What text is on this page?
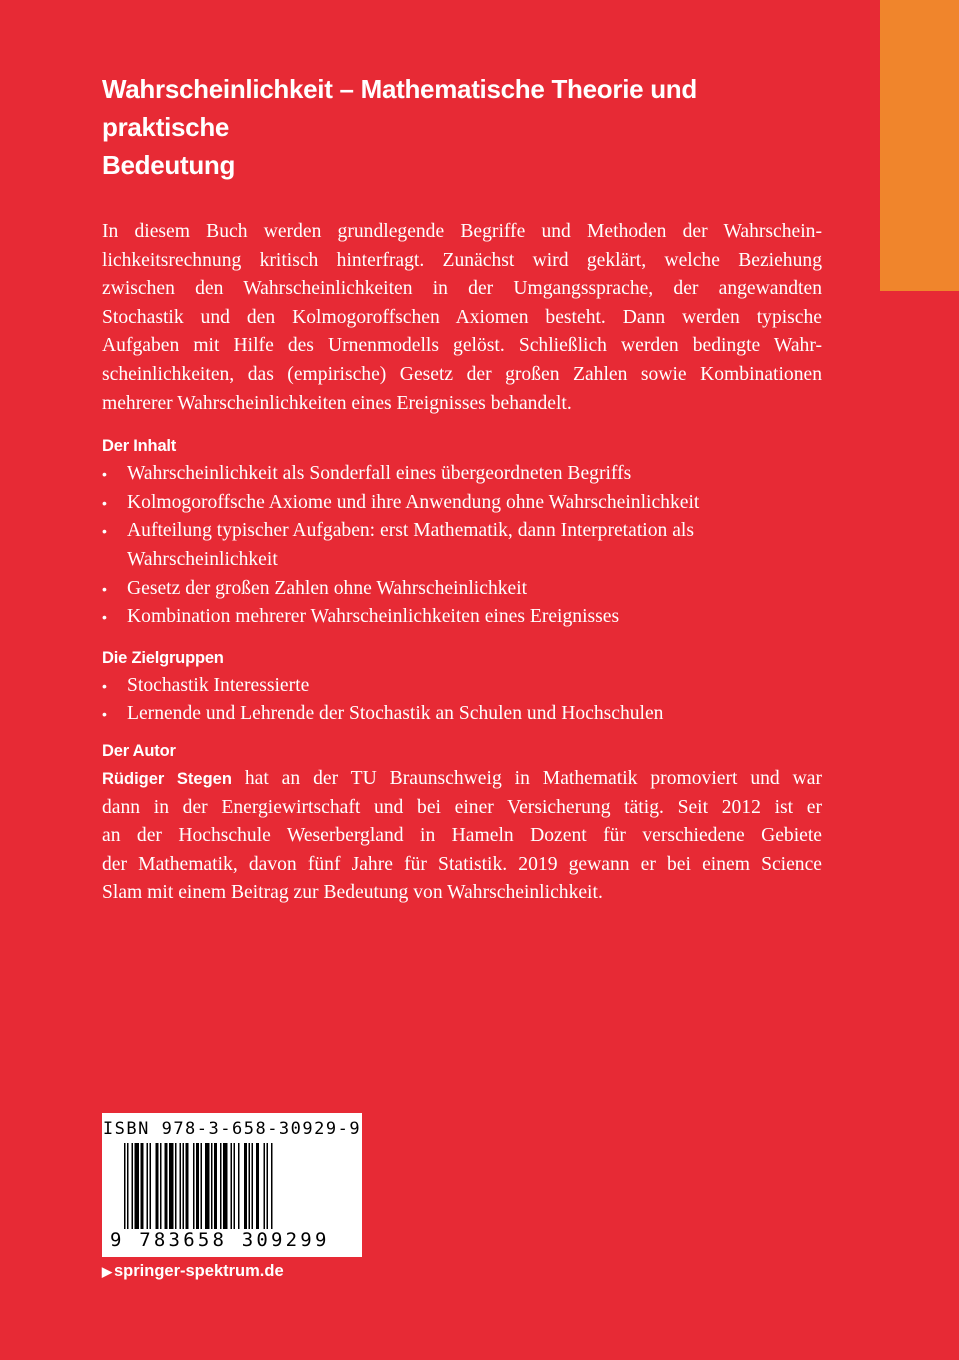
Wahrscheinlichkeit – Mathematische Theorie und praktische
Bedeutung

In diesem Buch werden grundlegende Begriffe und Methoden der Wahrschein-
lichkeitsrechnung kritisch hinterfragt. Zunächst wird geklärt, welche Beziehung
zwischen den Wahrscheinlichkeiten in der Umgangssprache, der angewandten
Stochastik und den Kolmogoroffschen Axiomen besteht. Dann werden typische
Aufgaben mit Hilfe des Urnenmodells gelöst. Schließlich werden bedingte Wahr-
scheinlichkeiten, das (empirische) Gesetz der großen Zahlen sowie Kombinationen
mehrerer Wahrscheinlichkeiten eines Ereignisses behandelt.

Der Inhalt
• Wahrscheinlichkeit als Sonderfall eines übergeordneten Begriffs
• Kolmogoroffsche Axiome und ihre Anwendung ohne Wahrscheinlichkeit
• Aufteilung typischer Aufgaben: erst Mathematik, dann Interpretation als
Wahrscheinlichkeit
• Gesetz der großen Zahlen ohne Wahrscheinlichkeit
• Kombination mehrerer Wahrscheinlichkeiten eines Ereignisses
Die Zielgruppen
• Stochastik Interessierte
• Lernende und Lehrende der Stochastik an Schulen und Hochschulen
Der Autor

Rüdiger Stegen hat an der TU Braunschweig in Mathematik promoviert und war
dann in der Energiewirtschaft und bei einer Versicherung tätig. Seit 2012 ist er
an der Hochschule Weserbergland in Hameln Dozent für verschiedene Gebiete
der Mathematik, davon fünf Jahre für Statistik. 2019 gewann er bei einem Science
Slam mit einem Beitrag zur Bedeutung von Wahrscheinlichkeit.

ISBN 978-3-658-30929-9
9 783658 309299
▶ springer-spektrum.de
